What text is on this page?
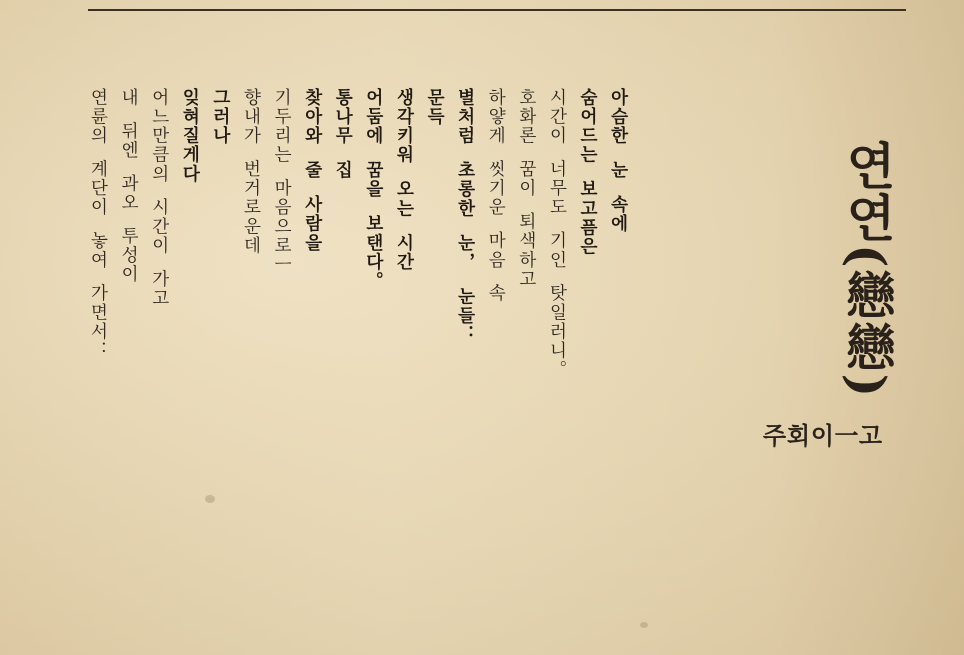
연연(戀戀)
고
一
이
회
주
아슴한  눈  속에
숨어드는  보고픔은
시간이  너무도  기인  탓일러니。
호화론  꿈이  퇴색하고
하얗게  씻기운  마음  속
별처럼  초롱한  눈，  눈들：
문득
생각키워  오는  시간
어둠에  꿈을  보탠다。
통나무  집
찾아와  줄  사람을
기두리는  마음으로ㅡ
향내가  번거로운데
그러나
잊혀질게다
어느만큼의  시간이  가고
내  뒤엔  과오  투성이
연륜의  계단이  놓여  가면서：
